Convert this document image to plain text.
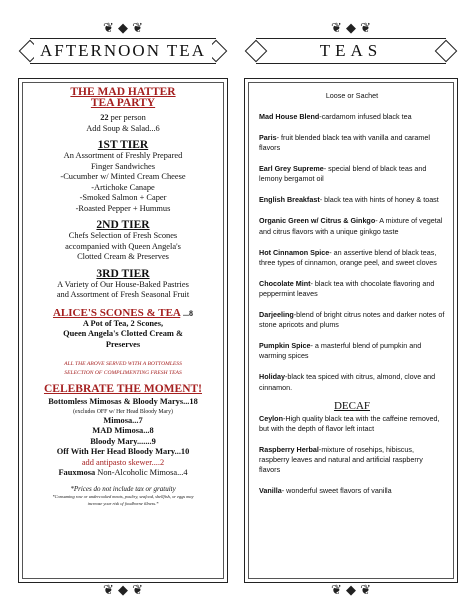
❦ ◆ ❦
AFTERNOON TEA
THE MAD HATTER
TEA PARTY
22 per person
Add Soup & Salad...6
1ST TIER
An Assortment of Freshly Prepared
Finger Sandwiches
-Cucumber w/ Minted Cream Cheese
-Artichoke Canape
-Smoked Salmon + Caper
-Roasted Pepper + Hummus
2ND TIER
Chefs Selection of Fresh Scones
accompanied with Queen Angela's
Clotted Cream & Preserves
3RD TIER
A Variety of Our House-Baked Pastries
and Assortment of Fresh Seasonal Fruit
ALICE'S SCONES & TEA ...8
A Pot of Tea, 2 Scones,
Queen Angela's Clotted Cream &
Preserves
ALL THE ABOVE SERVED WITH A BOTTOMLESS
SELECTION OF COMPLIMENTING FRESH TEAS
CELEBRATE THE MOMENT!
Bottomless Mimosas & Bloody Marys...18
(excludes OFF w/ Her Head Bloody Mary)
Mimosa...7
MAD Mimosa...8
Bloody Mary.......9
Off With Her Head Bloody Mary...10
add antipasto skewer....2
Fauxmosa Non-Alcoholic Mimosa...4
*Prices do not include tax or gratuity
*Consuming raw or undercooked meats, poultry, seafood, shellfish, or eggs may
increase your risk of foodborne illness.*
❦ ◆ ❦
❦ ◆ ❦
TEAS
Loose or Sachet
Mad House Blend-cardamom infused black tea
Paris- fruit blended black tea with vanilla and caramel flavors
Earl Grey Supreme- special blend of black teas and lemony bergamot oil
English Breakfast- black tea with hints of honey & toast
Organic Green w/ Citrus & Ginkgo- A mixture of vegetal and citrus flavors with a unique ginkgo taste
Hot Cinnamon Spice- an assertive blend of black teas, three types of cinnamon, orange peel, and sweet cloves
Chocolate Mint- black tea with chocolate flavoring and peppermint leaves
Darjeeling-blend of bright citrus notes and darker notes of stone apricots and plums
Pumpkin Spice- a masterful blend of pumpkin and warming spices
Holiday-black tea spiced with citrus, almond, clove and cinnamon.
DECAF
Ceylon-High quality black tea with the caffeine removed, but with the depth of flavor left intact
Raspberry Herbal-mixture of rosehips, hibiscus, raspberry leaves and natural and artificial raspberry flavors
Vanilla- wonderful sweet flavors of vanilla
❦ ◆ ❦
